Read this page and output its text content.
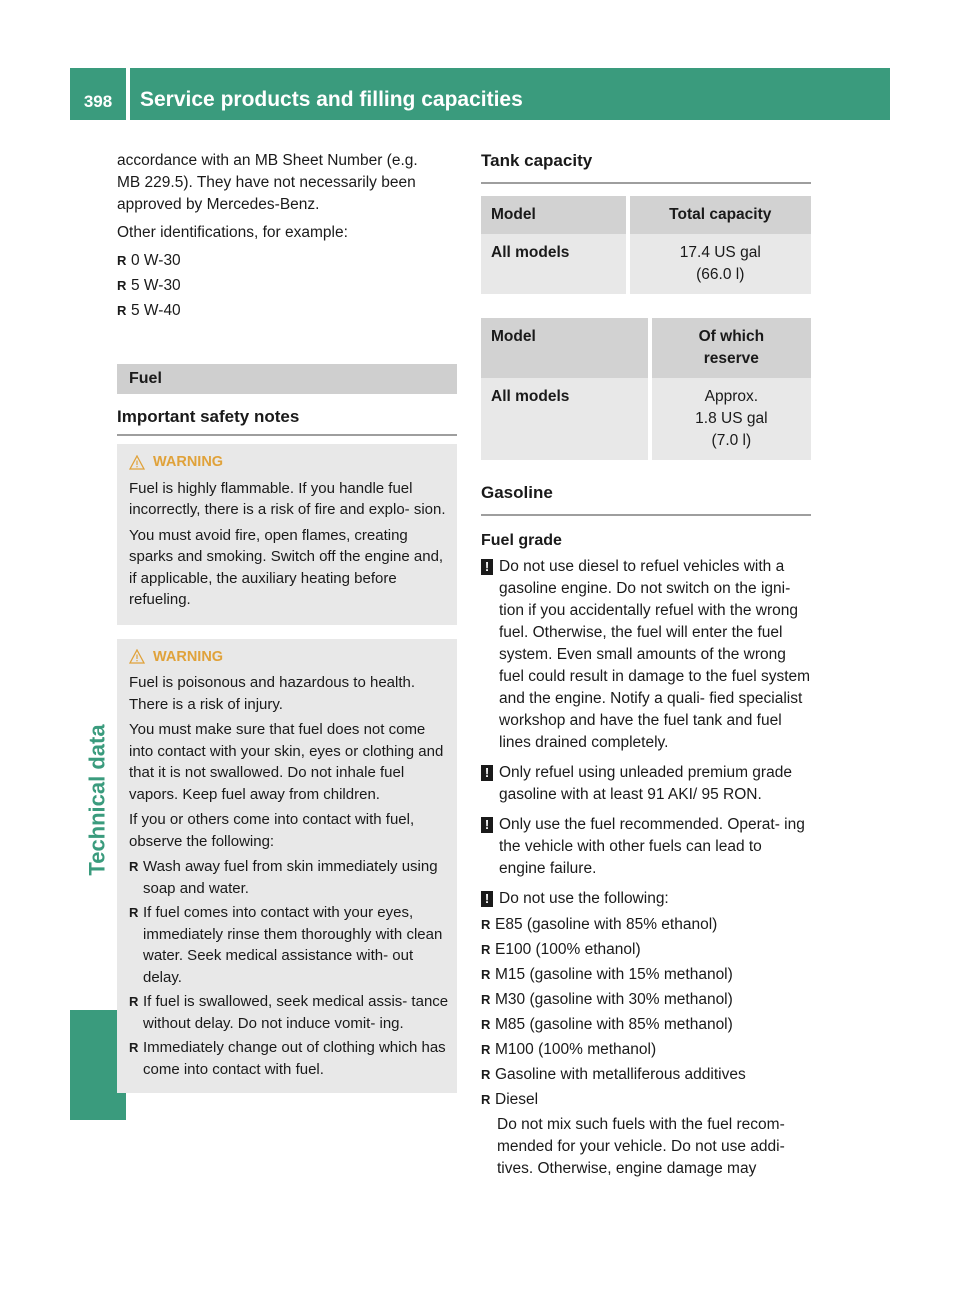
398	Service products and filling capacities
Technical data

accordance with an MB Sheet Number (e.g.
MB 229.5). They have not necessarily been
approved by Mercedes-Benz.

Other identifications, for example:

R 0 W-30
R 5 W-30
R 5 W-40
Fuel
Important safety notes
WARNING

Fuel is highly flammable. If you handle fuel incorrectly, there is a risk of fire and explo- sion.

You must avoid fire, open flames, creating sparks and smoking. Switch off the engine and, if applicable, the auxiliary heating before refueling.

WARNING

Fuel is poisonous and hazardous to health. There is a risk of injury.

You must make sure that fuel does not come into contact with your skin, eyes or clothing and that it is not swallowed. Do not inhale fuel vapors. Keep fuel away from children.

If you or others come into contact with fuel, observe the following:

R Wash away fuel from skin immediately using soap and water.
R If fuel comes into contact with your eyes, immediately rinse them thoroughly with clean water. Seek medical assistance with- out delay.
R If fuel is swallowed, seek medical assis- tance without delay. Do not induce vomit- ing.
R Immediately change out of clothing which has come into contact with fuel.
Tank capacity
Model	Total capacity
All models	17.4 US gal
(66.0 l)
Model	Of which
reserve
All models	Approx.
1.8 US gal
(7.0 l)
Gasoline
Fuel grade
! Do not use diesel to refuel vehicles with a gasoline engine. Do not switch on the igni- tion if you accidentally refuel with the wrong fuel. Otherwise, the fuel will enter the fuel system. Even small amounts of the wrong fuel could result in damage to the fuel system and the engine. Notify a quali- fied specialist workshop and have the fuel tank and fuel lines drained completely.
! Only refuel using unleaded premium grade gasoline with at least 91 AKI/ 95 RON.
! Only use the fuel recommended. Operat- ing the vehicle with other fuels can lead to engine failure.
! Do not use the following:
R E85 (gasoline with 85% ethanol)
R E100 (100% ethanol)
R M15 (gasoline with 15% methanol)
R M30 (gasoline with 30% methanol)
R M85 (gasoline with 85% methanol)
R M100 (100% methanol)
R Gasoline with metalliferous additives
R Diesel

Do not mix such fuels with the fuel recom- mended for your vehicle. Do not use addi- tives. Otherwise, engine damage may
